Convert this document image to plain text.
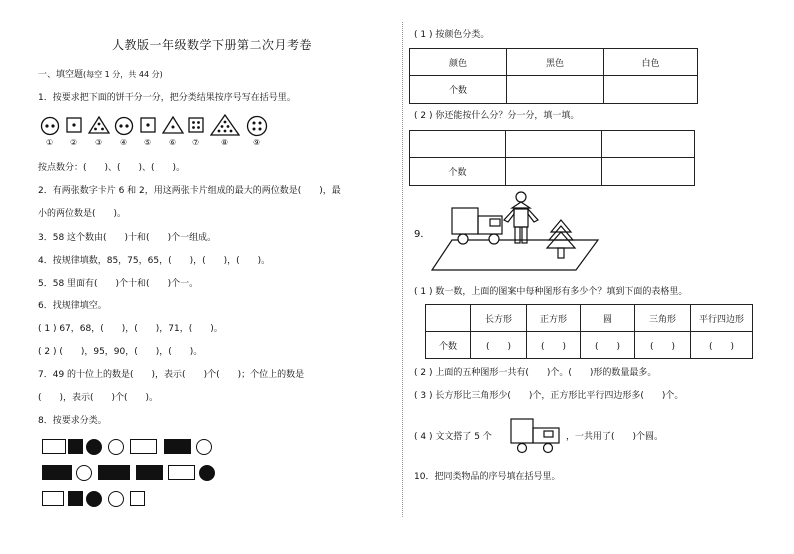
人教版一年级数学下册第二次月考卷
一、填空题(每空 1 分，共 44 分)
1．按要求把下面的饼干分一分，把分类结果按序号写在括号里。
① ② ③ ④ ⑤ ⑥ ⑦	⑧	⑨
按点数分：(　　)、(　　)、(　　)。
2．有两张数字卡片 6 和 2，用这两张卡片组成的最大的两位数是(　　)，最
小的两位数是(　　)。
3．58 这个数由(　　)十和(　　)个一组成。
4．按规律填数，85，75，65，(　　)，(　　)，(　　)。
5．58 里面有(　　)个十和(　　)个一。
6．找规律填空。
( 1 ) 67，68，(　　)，(　　)，71，(　　)。
( 2 ) (　　)，95，90，(　　)，(　　)。
7．49 的十位上的数是(　　)，表示(　　)个(　　)；个位上的数是
(　　)，表示(　　)个(　　)。
8．按要求分类。
( 1 ) 按颜色分类。
颜色	黑色	白色
个数		
( 2 ) 你还能按什么分？分一分，填一填。

个数		
9．
( 1 ) 数一数，上面的图案中每种图形有多少个？填到下面的表格里。
	长方形	正方形	圆	三角形	平行四边形
个数	(　　)	(　　)	(　　)	(　　)	(　　)
( 2 ) 上面的五种图形一共有(　　)个。(　　)形的数量最多。
( 3 ) 长方形比三角形少(　　)个，正方形比平行四边形多(　　)个。
( 4 ) 文文搭了 5 个	，一共用了(　　)个圆。
10．把同类物品的序号填在括号里。
